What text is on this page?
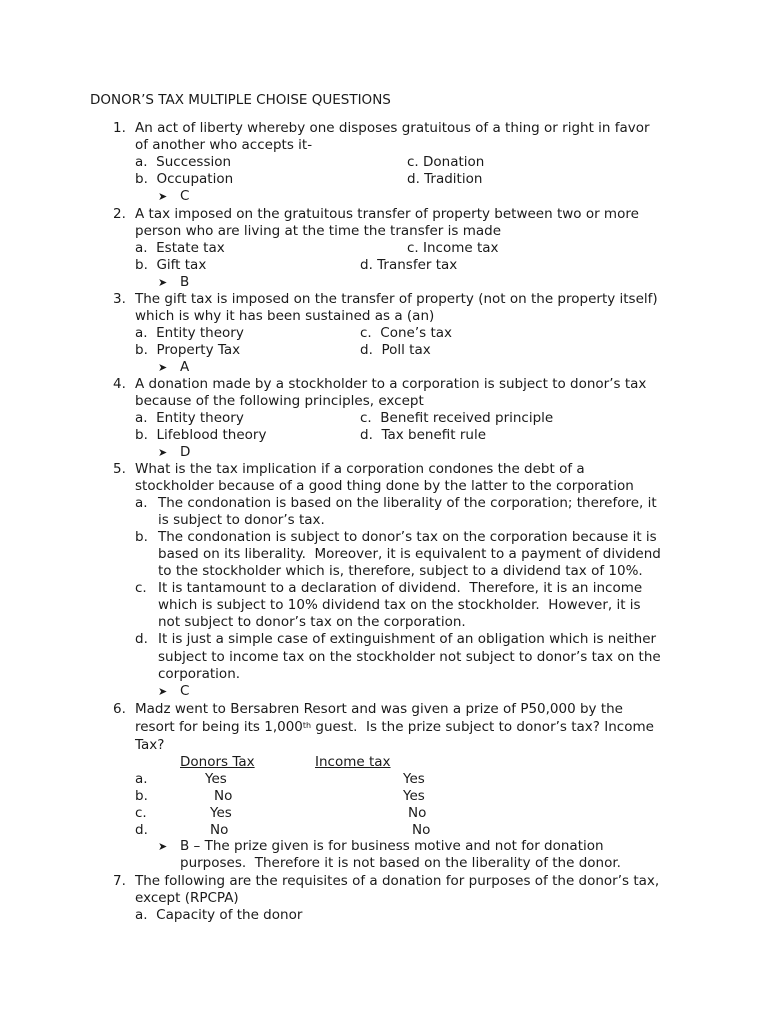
DONOR’S TAX MULTIPLE CHOISE QUESTIONS
1. An act of liberty whereby one disposes gratuitous of a thing or right in favor
of another who accepts it-
a.  Succession	c. Donation
b.  Occupation	d. Tradition
➤ C
2. A tax imposed on the gratuitous transfer of property between two or more
person who are living at the time the transfer is made
a.  Estate tax	c. Income tax
b.  Gift tax	d. Transfer tax
➤ B
3. The gift tax is imposed on the transfer of property (not on the property itself)
which is why it has been sustained as a (an)
a.  Entity theory	c.  Cone’s tax
b.  Property Tax	d.  Poll tax
➤ A
4. A donation made by a stockholder to a corporation is subject to donor’s tax
because of the following principles, except
a.  Entity theory	c.  Benefit received principle
b.  Lifeblood theory	d.  Tax benefit rule
➤ D
5. What is the tax implication if a corporation condones the debt of a
stockholder because of a good thing done by the latter to the corporation
a. The condonation is based on the liberality of the corporation; therefore, it
is subject to donor’s tax.
b. The condonation is subject to donor’s tax on the corporation because it is
based on its liberality.  Moreover, it is equivalent to a payment of dividend
to the stockholder which is, therefore, subject to a dividend tax of 10%.
c. It is tantamount to a declaration of dividend.  Therefore, it is an income
which is subject to 10% dividend tax on the stockholder.  However, it is
not subject to donor’s tax on the corporation.
d. It is just a simple case of extinguishment of an obligation which is neither
subject to income tax on the stockholder not subject to donor’s tax on the
corporation.
➤ C
6. Madz went to Bersabren Resort and was given a prize of P50,000 by the
resort for being its 1,000th guest.  Is the prize subject to donor’s tax? Income
Tax?
Donors Tax	Income tax
a.	Yes	Yes
b.	No	Yes
c.	Yes	No
d.	No	No
➤ B – The prize given is for business motive and not for donation
purposes.  Therefore it is not based on the liberality of the donor.
7. The following are the requisites of a donation for purposes of the donor’s tax,
except (RPCPA)
a.  Capacity of the donor
